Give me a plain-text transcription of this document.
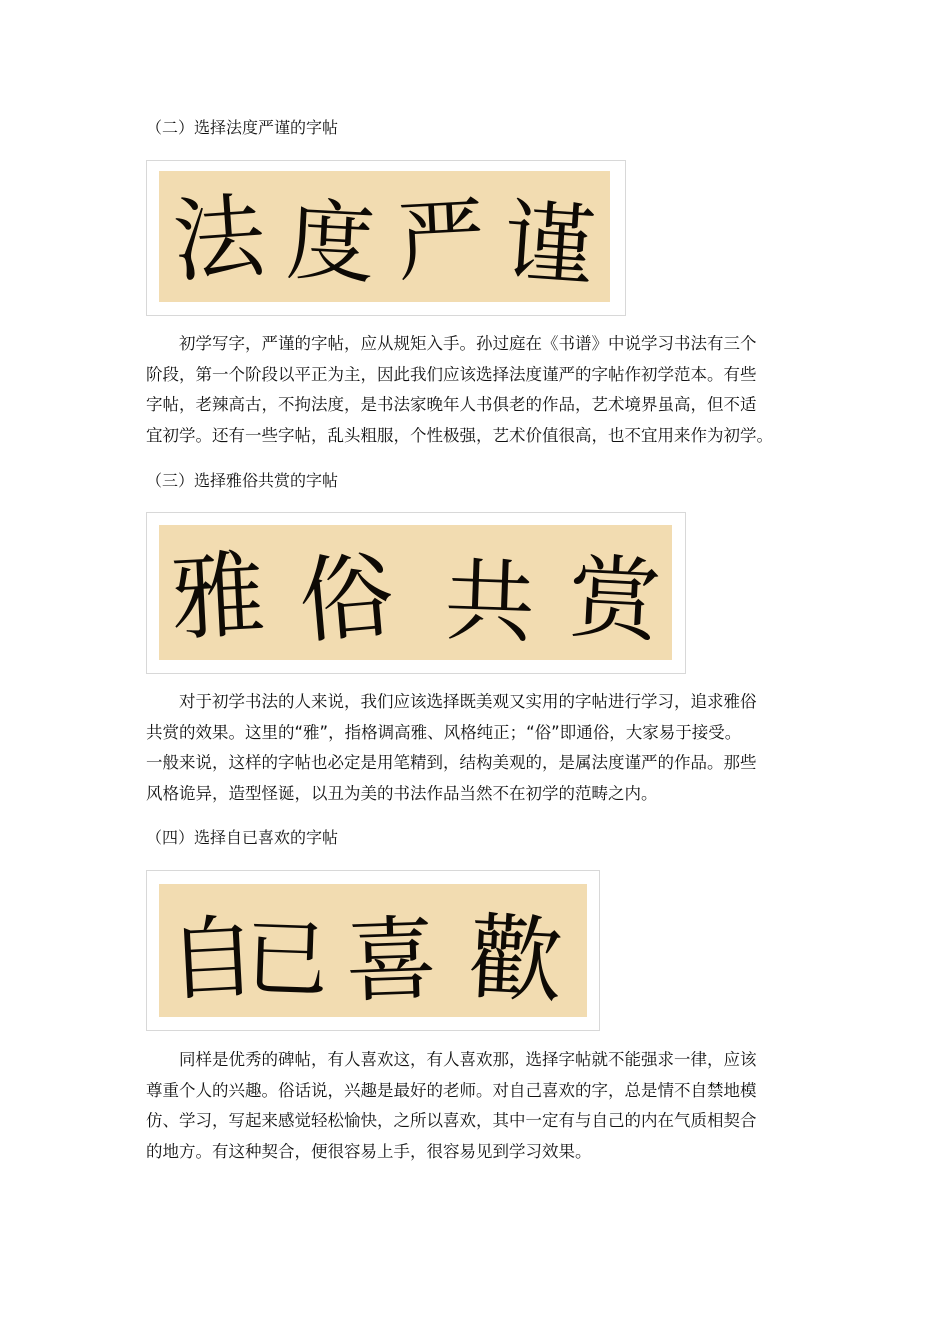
（二）选择法度严谨的字帖
法 度 严 谨

初学写字，严谨的字帖，应从规矩入手。孙过庭在《书谱》中说学习书法有三个
阶段，第一个阶段以平正为主，因此我们应该选择法度谨严的字帖作初学范本。有些
字帖，老辣高古，不拘法度，是书法家晚年人书俱老的作品，艺术境界虽高，但不适
宜初学。还有一些字帖，乱头粗服，个性极强，艺术价值很高，也不宜用来作为初学。

（三）选择雅俗共赏的字帖
雅 俗 共 赏

对于初学书法的人来说，我们应该选择既美观又实用的字帖进行学习，追求雅俗
共赏的效果。这里的“雅”，指格调高雅、风格纯正；“俗”即通俗，大家易于接受。
一般来说，这样的字帖也必定是用笔精到，结构美观的，是属法度谨严的作品。那些
风格诡异，造型怪诞，以丑为美的书法作品当然不在初学的范畴之内。

（四）选择自已喜欢的字帖
自
已 喜 歡

同样是优秀的碑帖，有人喜欢这，有人喜欢那，选择字帖就不能强求一律，应该
尊重个人的兴趣。俗话说，兴趣是最好的老师。对自己喜欢的字，总是情不自禁地模
仿、学习，写起来感觉轻松愉快，之所以喜欢，其中一定有与自己的内在气质相契合
的地方。有这种契合，便很容易上手，很容易见到学习效果。
